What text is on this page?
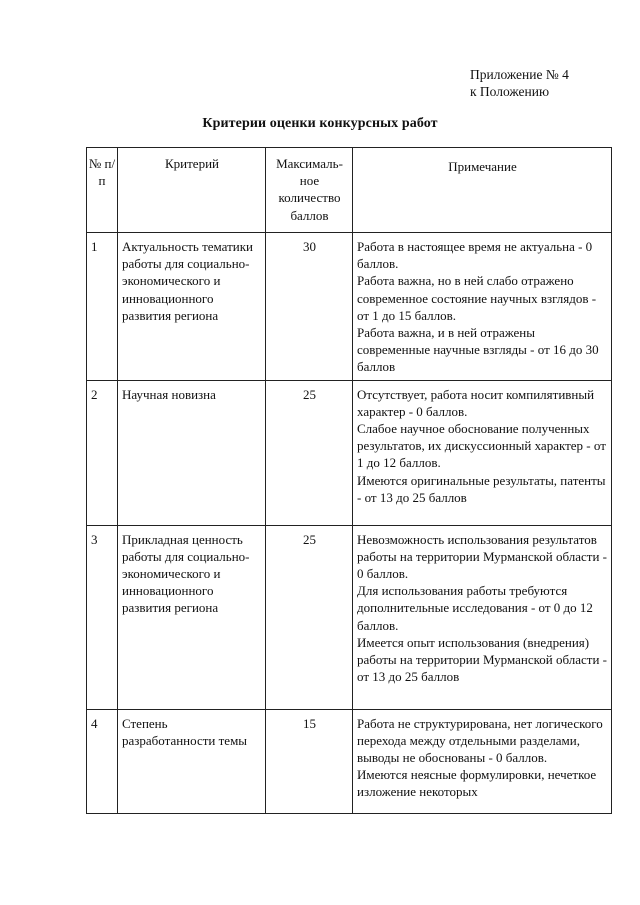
Приложение № 4
к Положению
Критерии оценки конкурсных работ
№ п/п	Критерий	Максималь-ное количество баллов	Примечание
1	Актуальность тематики работы для социально-экономического и инновационного развития региона	30	Работа в настоящее время не актуальна - 0 баллов.
Работа важна, но в ней слабо отражено современное состояние научных взглядов - от 1 до 15 баллов.
Работа важна, и в ней отражены современные научные взгляды - от 16 до 30 баллов

2	Научная новизна	25	Отсутствует, работа носит компилятивный характер - 0 баллов.
Слабое научное обоснование полученных результатов, их дискуссионный характер - от 1 до 12 баллов.
Имеются оригинальные результаты, патенты - от 13 до 25 баллов

3	Прикладная ценность работы для социально-экономического и инновационного развития региона	25	Невозможность использования результатов работы на территории Мурманской области - 0 баллов.
Для использования работы требуются дополнительные исследования - от 0 до 12 баллов.
Имеется опыт использования (внедрения) работы на территории Мурманской области - от 13 до 25 баллов

4	Степень разработанности темы	15	Работа не структурирована, нет логического перехода между отдельными разделами, выводы не обоснованы - 0 баллов.
Имеются неясные формулировки, нечеткое изложение некоторых
